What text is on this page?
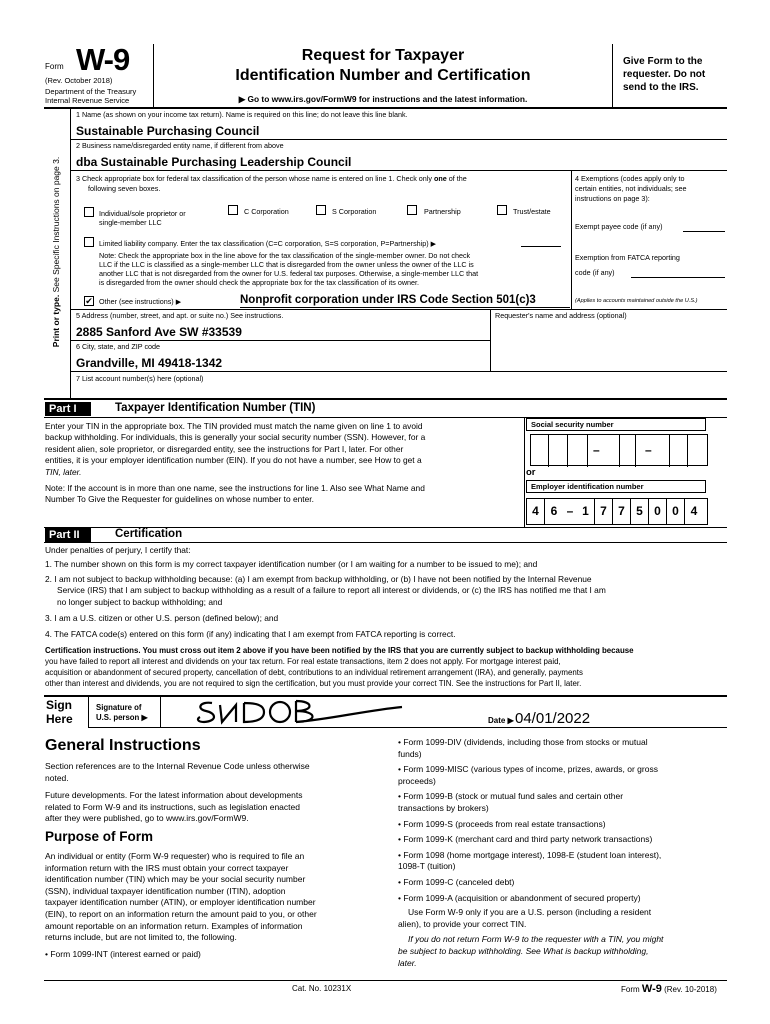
Form W-9
(Rev. October 2018)
Department of the Treasury
Internal Revenue Service
Request for Taxpayer
Identification Number and Certification
▶ Go to www.irs.gov/FormW9 for instructions and the latest information.
Give Form to the
requester. Do not
send to the IRS.
Print or type. See Specific Instructions on page 3.
1 Name (as shown on your income tax return). Name is required on this line; do not leave this line blank.
Sustainable Purchasing Council
2 Business name/disregarded entity name, if different from above
dba Sustainable Purchasing Leadership Council
3 Check appropriate box for federal tax classification of the person whose name is entered on line 1. Check only one of the
following seven boxes.
Individual/sole proprietor or
single-member LLC
C Corporation	S Corporation	Partnership	Trust/estate
Limited liability company. Enter the tax classification (C=C corporation, S=S corporation, P=Partnership) ▶
Note: Check the appropriate box in the line above for the tax classification of the single-member owner. Do not check
LLC if the LLC is classified as a single-member LLC that is disregarded from the owner unless the owner of the LLC is
another LLC that is not disregarded from the owner for U.S. federal tax purposes. Otherwise, a single-member LLC that
is disregarded from the owner should check the appropriate box for the tax classification of its owner.
✔ Other (see instructions) ▶	Nonprofit corporation under IRS Code Section 501(c)3
4 Exemptions (codes apply only to
certain entities, not individuals; see
instructions on page 3):
Exempt payee code (if any)
Exemption from FATCA reporting
code (if any)
(Applies to accounts maintained outside the U.S.)
5 Address (number, street, and apt. or suite no.) See instructions.
2885 Sanford Ave SW #33539
Requester's name and address (optional)
6 City, state, and ZIP code
Grandville, MI 49418-1342
7 List account number(s) here (optional)
Part I	Taxpayer Identification Number (TIN)
Enter your TIN in the appropriate box. The TIN provided must match the name given on line 1 to avoid
backup withholding. For individuals, this is generally your social security number (SSN). However, for a
resident alien, sole proprietor, or disregarded entity, see the instructions for Part I, later. For other
entities, it is your employer identification number (EIN). If you do not have a number, see How to get a
TIN, later.
Note: If the account is in more than one name, see the instructions for line 1. Also see What Name and
Number To Give the Requester for guidelines on whose number to enter.
Social security number
–	–
or
Employer identification number
4 6 – 1 7 7 5 0 0 4
Part II	Certification
Under penalties of perjury, I certify that:
1. The number shown on this form is my correct taxpayer identification number (or I am waiting for a number to be issued to me); and
2. I am not subject to backup withholding because: (a) I am exempt from backup withholding, or (b) I have not been notified by the Internal Revenue
Service (IRS) that I am subject to backup withholding as a result of a failure to report all interest or dividends, or (c) the IRS has notified me that I am
no longer subject to backup withholding; and
3. I am a U.S. citizen or other U.S. person (defined below); and
4. The FATCA code(s) entered on this form (if any) indicating that I am exempt from FATCA reporting is correct.
Certification instructions. You must cross out item 2 above if you have been notified by the IRS that you are currently subject to backup withholding because
you have failed to report all interest and dividends on your tax return. For real estate transactions, item 2 does not apply. For mortgage interest paid,
acquisition or abandonment of secured property, cancellation of debt, contributions to an individual retirement arrangement (IRA), and generally, payments
other than interest and dividends, you are not required to sign the certification, but you must provide your correct TIN. See the instructions for Part II, later.
Sign
Here
Signature of
U.S. person ▶	Date ▶ 04/01/2022
General Instructions

Section references are to the Internal Revenue Code unless otherwise
noted.

Future developments. For the latest information about developments
related to Form W-9 and its instructions, such as legislation enacted
after they were published, go to www.irs.gov/FormW9.

Purpose of Form
An individual or entity (Form W-9 requester) who is required to file an
information return with the IRS must obtain your correct taxpayer
identification number (TIN) which may be your social security number
(SSN), individual taxpayer identification number (ITIN), adoption
taxpayer identification number (ATIN), or employer identification number
(EIN), to report on an information return the amount paid to you, or other
amount reportable on an information return. Examples of information
returns include, but are not limited to, the following.
• Form 1099-INT (interest earned or paid)
• Form 1099-DIV (dividends, including those from stocks or mutual
funds)
• Form 1099-MISC (various types of income, prizes, awards, or gross
proceeds)
• Form 1099-B (stock or mutual fund sales and certain other
transactions by brokers)
• Form 1099-S (proceeds from real estate transactions)
• Form 1099-K (merchant card and third party network transactions)
• Form 1098 (home mortgage interest), 1098-E (student loan interest),
1098-T (tuition)
• Form 1099-C (canceled debt)
• Form 1099-A (acquisition or abandonment of secured property)
Use Form W-9 only if you are a U.S. person (including a resident
alien), to provide your correct TIN.
If you do not return Form W-9 to the requester with a TIN, you might
be subject to backup withholding. See What is backup withholding,
later.
Cat. No. 10231X	Form W-9 (Rev. 10-2018)
